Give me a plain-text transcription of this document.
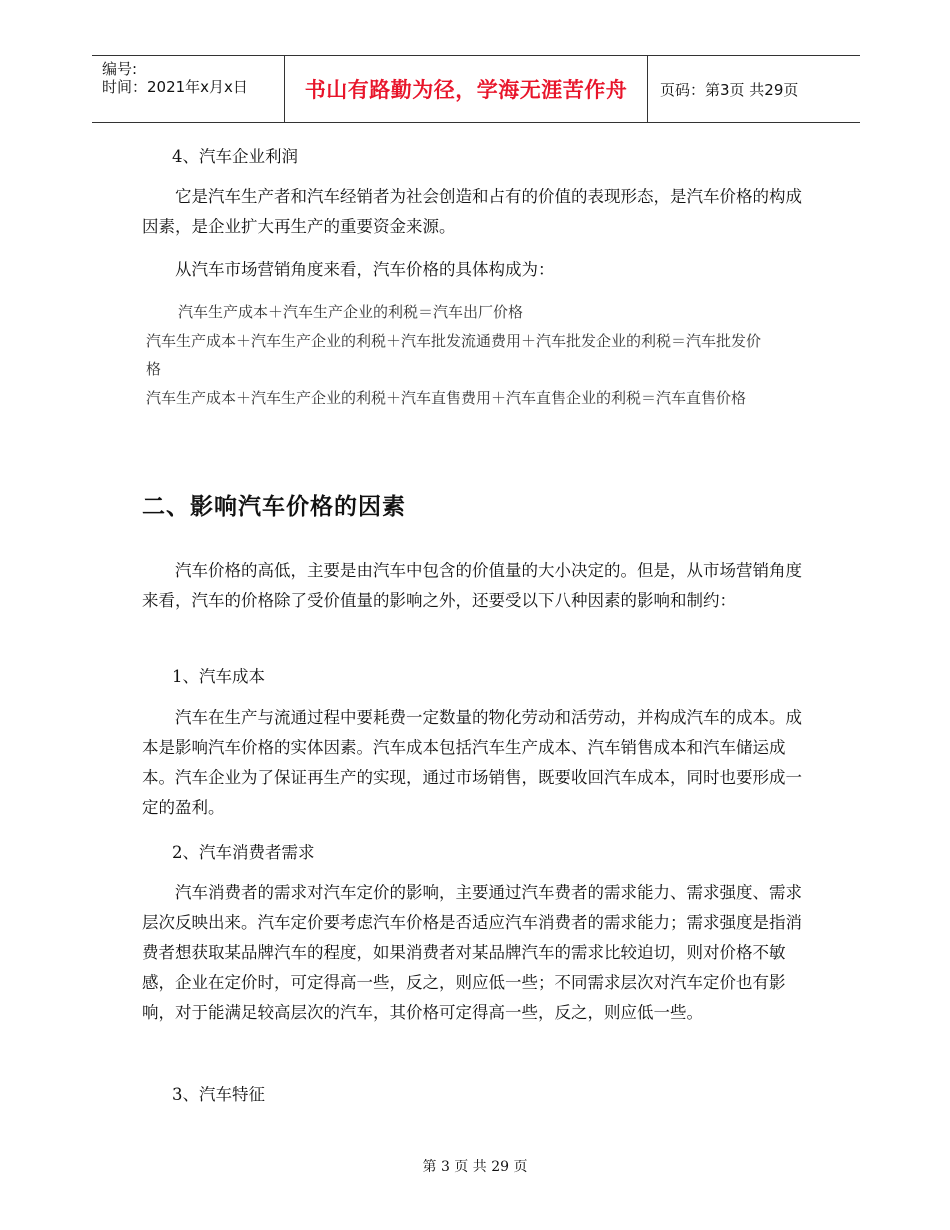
编号:
时间：2021年x月x日	书山有路勤为径，学海无涯苦作舟 页码：第3页 共29页

4、汽车企业利润

它是汽车生产者和汽车经销者为社会创造和占有的价值的表现形态，是汽车价格的构成因素，是企业扩大再生产的重要资金来源。

从汽车市场营销角度来看，汽车价格的具体构成为：

汽车生产成本＋汽车生产企业的利税＝汽车出厂价格

汽车生产成本＋汽车生产企业的利税＋汽车批发流通费用＋汽车批发企业的利税＝汽车批发价格

汽车生产成本＋汽车生产企业的利税＋汽车直售费用＋汽车直售企业的利税＝汽车直售价格

二、影响汽车价格的因素

汽车价格的高低，主要是由汽车中包含的价值量的大小决定的。但是，从市场营销角度来看，汽车的价格除了受价值量的影响之外，还要受以下八种因素的影响和制约：

1、汽车成本

汽车在生产与流通过程中要耗费一定数量的物化劳动和活劳动，并构成汽车的成本。成本是影响汽车价格的实体因素。汽车成本包括汽车生产成本、汽车销售成本和汽车储运成本。汽车企业为了保证再生产的实现，通过市场销售，既要收回汽车成本，同时也要形成一定的盈利。

2、汽车消费者需求

汽车消费者的需求对汽车定价的影响，主要通过汽车费者的需求能力、需求强度、需求层次反映出来。汽车定价要考虑汽车价格是否适应汽车消费者的需求能力；需求强度是指消费者想获取某品牌汽车的程度，如果消费者对某品牌汽车的需求比较迫切，则对价格不敏感，企业在定价时，可定得高一些，反之，则应低一些；不同需求层次对汽车定价也有影响，对于能满足较高层次的汽车，其价格可定得高一些，反之，则应低一些。

3、汽车特征

第 3 页 共 29 页
